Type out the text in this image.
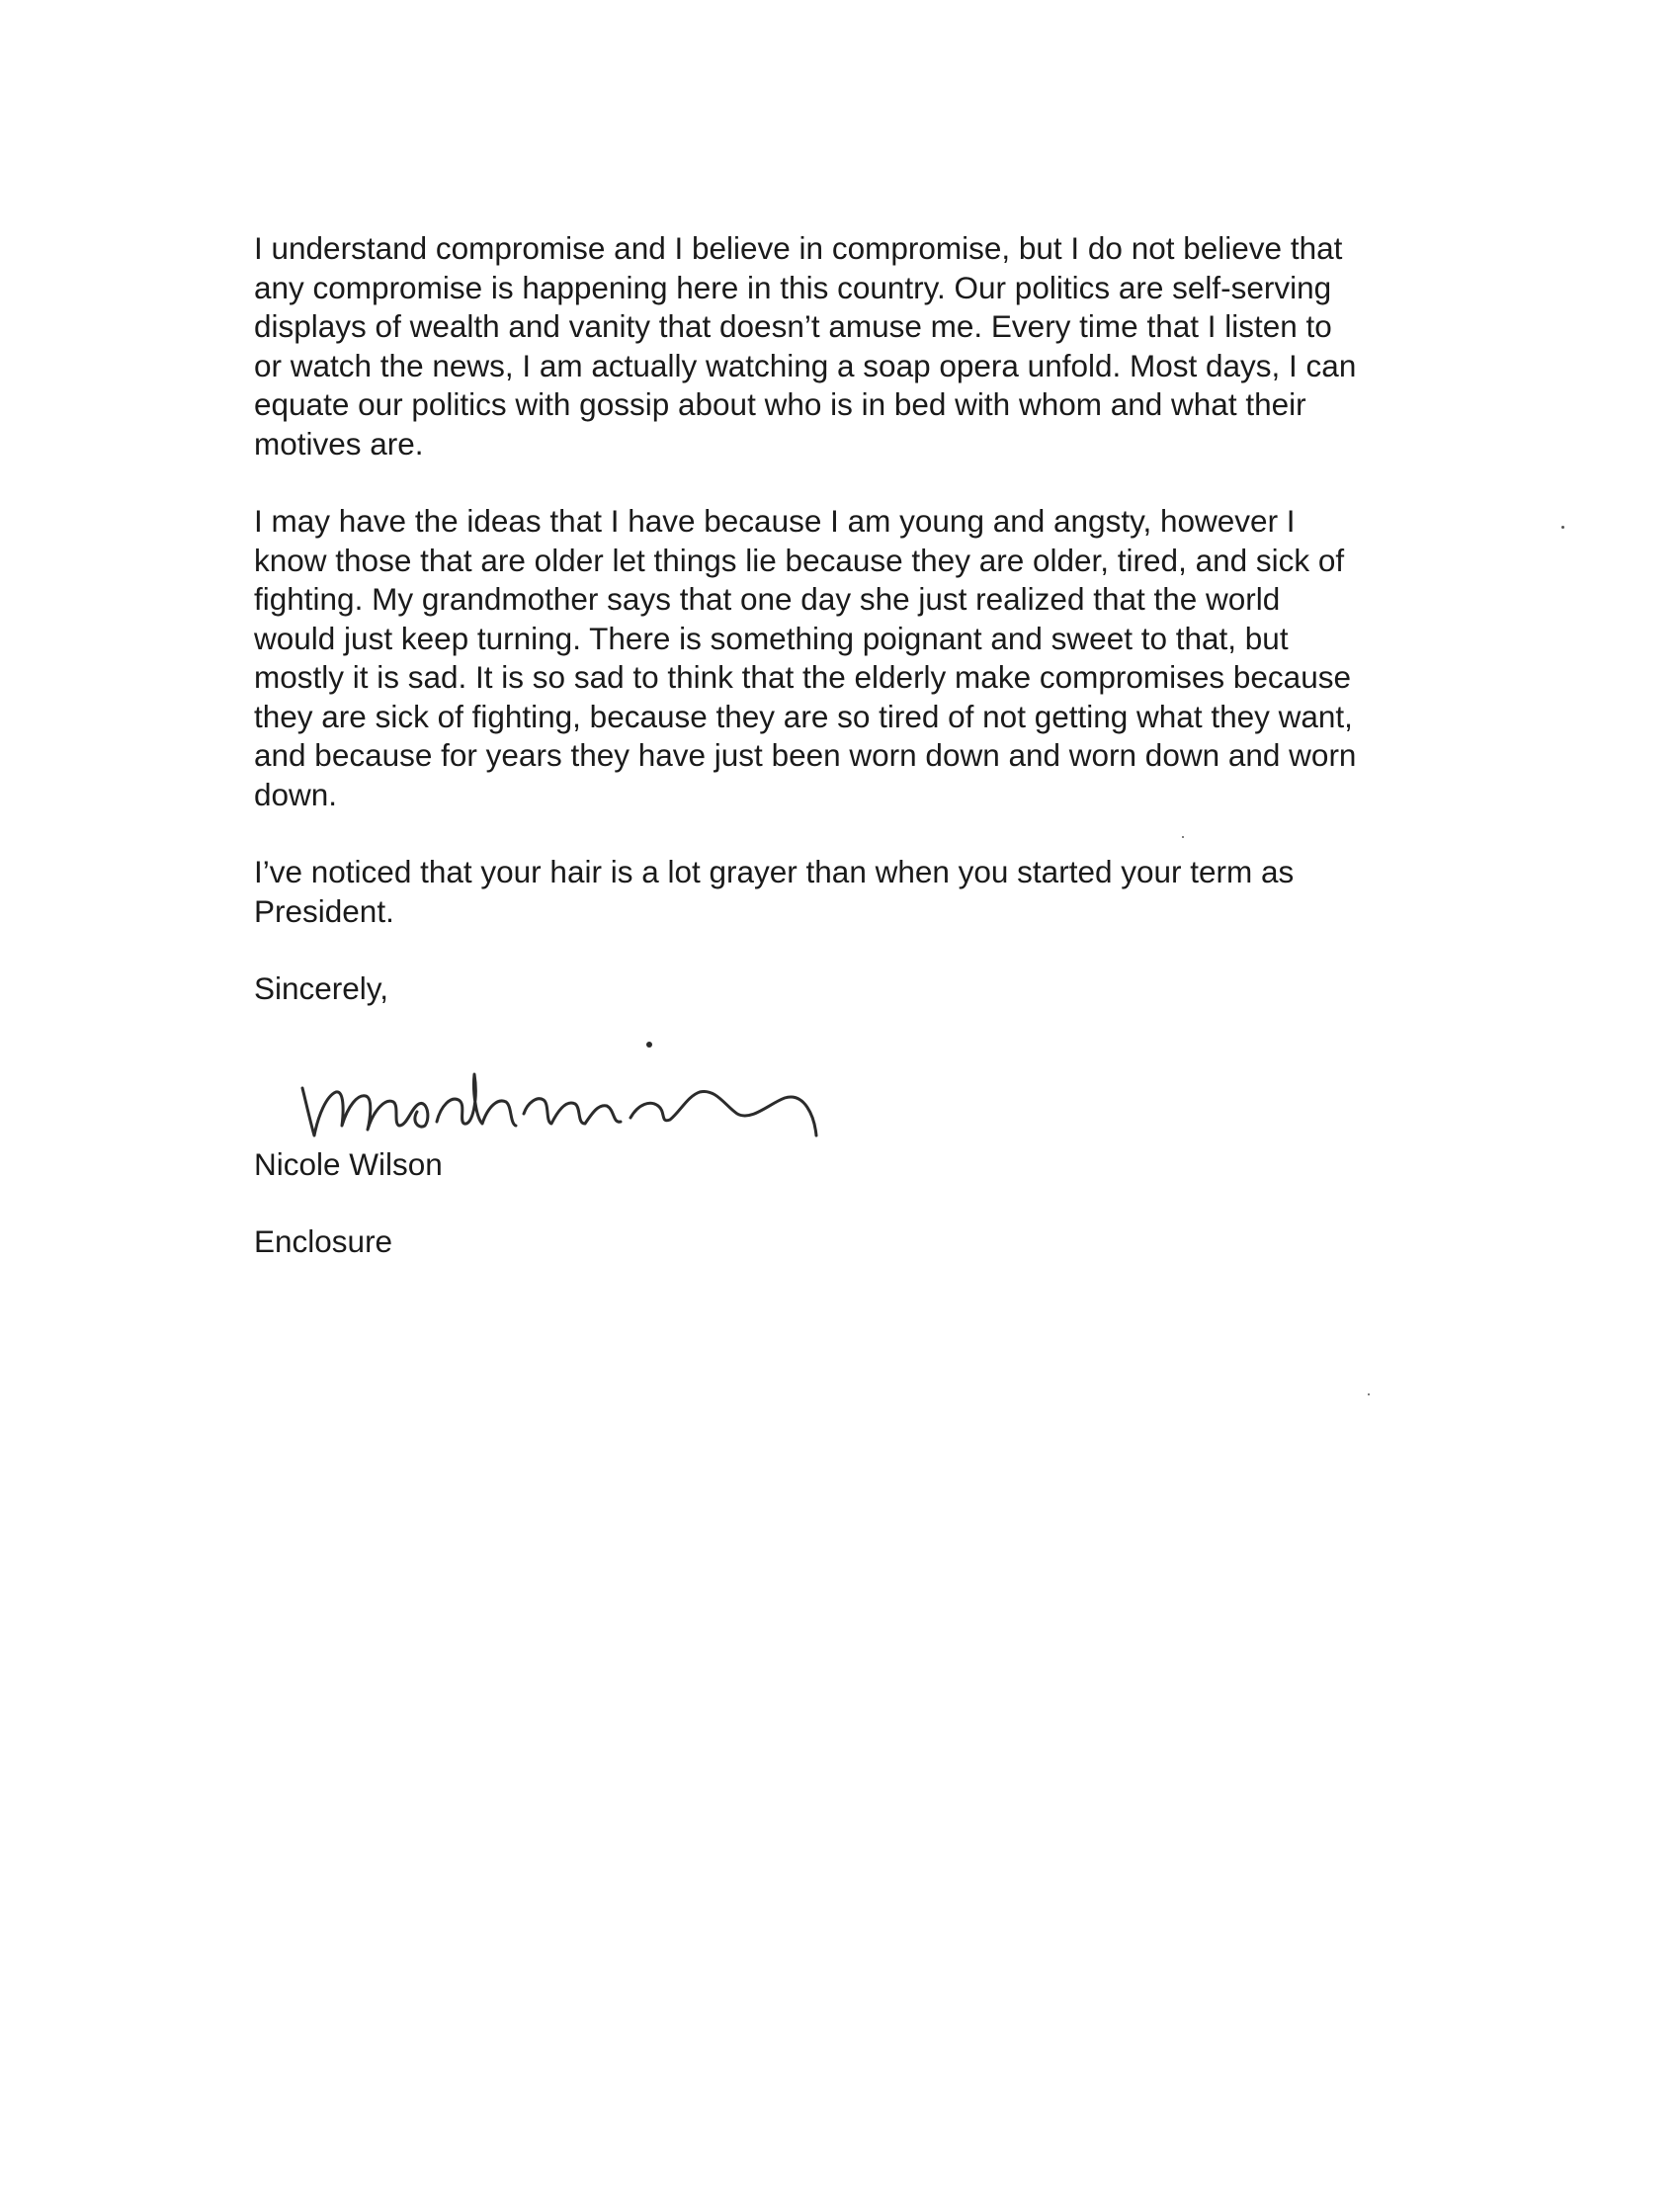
I understand compromise and I believe in compromise, but I do not believe that
any compromise is happening here in this country. Our politics are self-serving
displays of wealth and vanity that doesn’t amuse me. Every time that I listen to
or watch the news, I am actually watching a soap opera unfold. Most days, I can
equate our politics with gossip about who is in bed with whom and what their
motives are.

I may have the ideas that I have because I am young and angsty, however I
know those that are older let things lie because they are older, tired, and sick of
fighting. My grandmother says that one day she just realized that the world
would just keep turning. There is something poignant and sweet to that, but
mostly it is sad. It is so sad to think that the elderly make compromises because
they are sick of fighting, because they are so tired of not getting what they want,
and because for years they have just been worn down and worn down and worn
down.

I’ve noticed that your hair is a lot grayer than when you started your term as
President.

Sincerely,

Nicole Wilson

Enclosure
